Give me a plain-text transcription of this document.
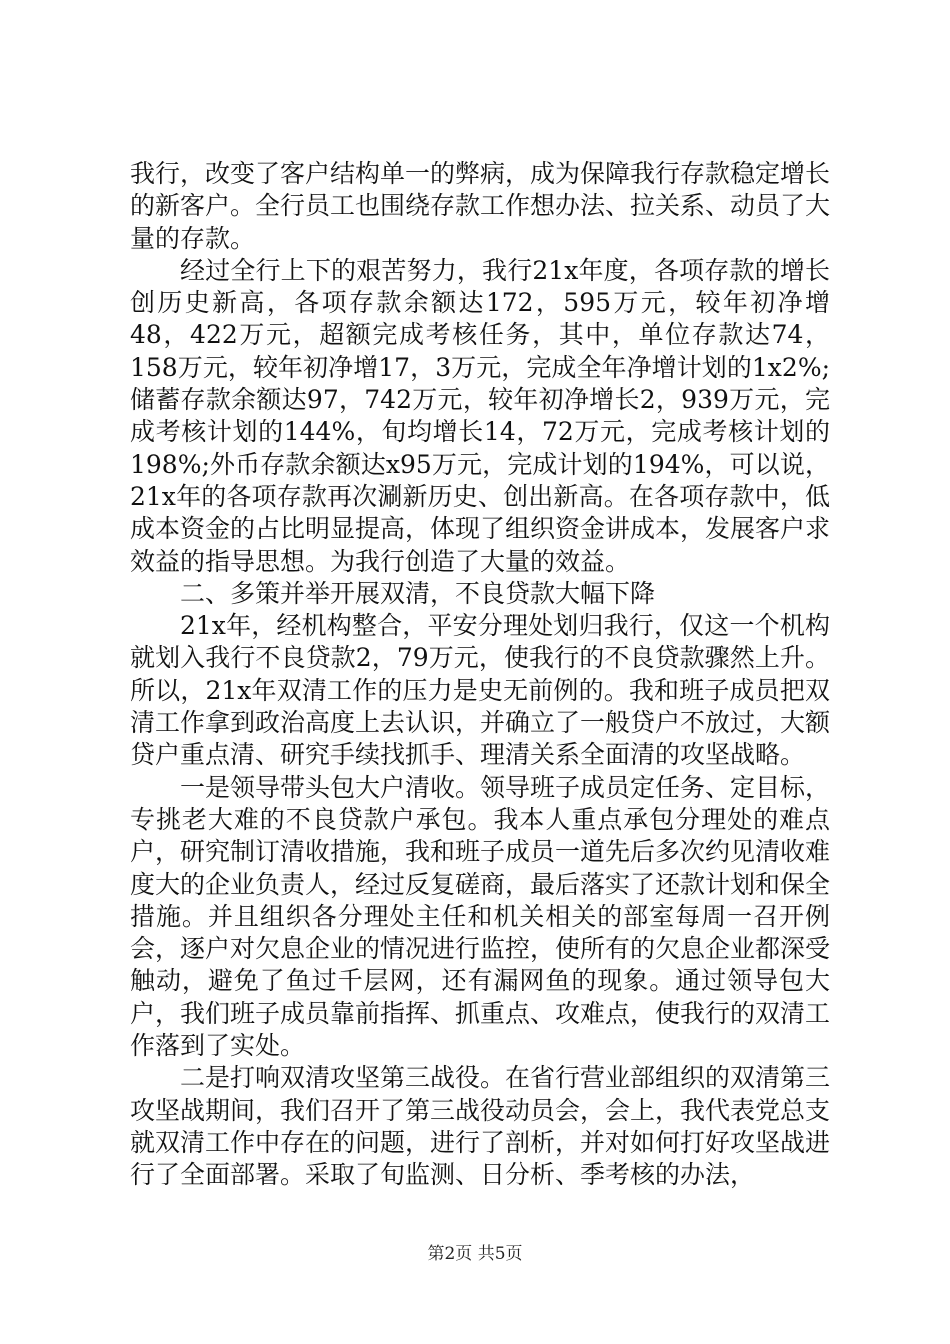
我行，改变了客户结构单一的弊病，成为保障我行存款稳定增长的新客户。全行员工也围绕存款工作想办法、拉关系、动员了大量的存款。

经过全行上下的艰苦努力，我行21x年度，各项存款的增长创历史新高，各项存款余额达172，595万元，较年初净增48，422万元，超额完成考核任务，其中，单位存款达74，158万元，较年初净增17，3万元，完成全年净增计划的1x2%;储蓄存款余额达97，742万元，较年初净增长2，939万元，完成考核计划的144%，旬均增长14，72万元，完成考核计划的198%;外币存款余额达x95万元，完成计划的194%，可以说，21x年的各项存款再次涮新历史、创出新高。在各项存款中，低成本资金的占比明显提高，体现了组织资金讲成本，发展客户求效益的指导思想。为我行创造了大量的效益。

二、多策并举开展双清，不良贷款大幅下降

21x年，经机构整合，平安分理处划归我行，仅这一个机构就划入我行不良贷款2，79万元，使我行的不良贷款骤然上升。所以，21x年双清工作的压力是史无前例的。我和班子成员把双清工作拿到政治高度上去认识，并确立了一般贷户不放过，大额贷户重点清、研究手续找抓手、理清关系全面清的攻坚战略。

一是领导带头包大户清收。领导班子成员定任务、定目标，专挑老大难的不良贷款户承包。我本人重点承包分理处的难点户，研究制订清收措施，我和班子成员一道先后多次约见清收难度大的企业负责人，经过反复磋商，最后落实了还款计划和保全措施。并且组织各分理处主任和机关相关的部室每周一召开例会，逐户对欠息企业的情况进行监控，使所有的欠息企业都深受触动，避免了鱼过千层网，还有漏网鱼的现象。通过领导包大户，我们班子成员靠前指挥、抓重点、攻难点，使我行的双清工作落到了实处。

二是打响双清攻坚第三战役。在省行营业部组织的双清第三攻坚战期间，我们召开了第三战役动员会，会上，我代表党总支就双清工作中存在的问题，进行了剖析，并对如何打好攻坚战进行了全面部署。采取了旬监测、日分析、季考核的办法，

第2页 共5页
